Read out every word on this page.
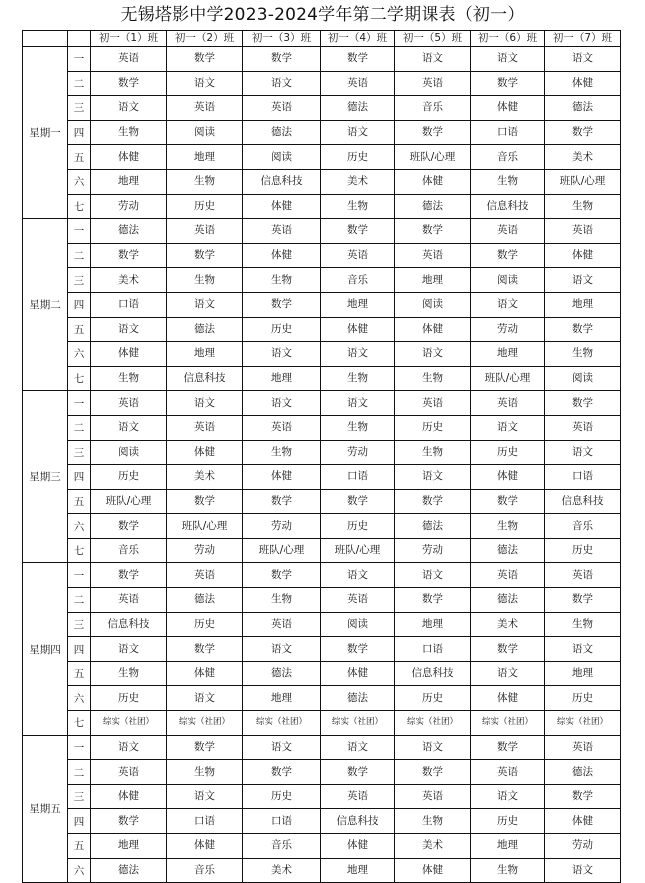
无锡塔影中学2023-2024学年第二学期课表（初一）
		初一（1）班	初一（2）班	初一（3）班	初一（4）班	初一（5）班	初一（6）班	初一（7）班
星期一	一	英语	数学	数学	数学	语文	语文	语文
	二	数学	语文	语文	英语	英语	数学	体健
	三	语文	英语	英语	德法	音乐	体健	德法
	四	生物	阅读	德法	语文	数学	口语	数学
	五	体健	地理	阅读	历史	班队/心理	音乐	美术
	六	地理	生物	信息科技	美术	体健	生物	班队/心理
	七	劳动	历史	体健	生物	德法	信息科技	生物
星期二	一	德法	英语	英语	数学	数学	英语	英语
	二	数学	数学	体健	英语	英语	数学	体健
	三	美术	生物	生物	音乐	地理	阅读	语文
	四	口语	语文	数学	地理	阅读	语文	地理
	五	语文	德法	历史	体健	体健	劳动	数学
	六	体健	地理	语文	语文	语文	地理	生物
	七	生物	信息科技	地理	生物	生物	班队/心理	阅读
星期三	一	英语	语文	语文	语文	英语	英语	数学
	二	语文	英语	英语	生物	历史	语文	英语
	三	阅读	体健	生物	劳动	生物	历史	语文
	四	历史	美术	体健	口语	语文	体健	口语
	五	班队/心理	数学	数学	数学	数学	数学	信息科技
	六	数学	班队/心理	劳动	历史	德法	生物	音乐
	七	音乐	劳动	班队/心理	班队/心理	劳动	德法	历史
星期四	一	数学	英语	数学	语文	语文	英语	英语
	二	英语	德法	生物	英语	数学	德法	数学
	三	信息科技	历史	英语	阅读	地理	美术	生物
	四	语文	数学	语文	数学	口语	数学	语文
	五	生物	体健	德法	体健	信息科技	语文	地理
	六	历史	语文	地理	德法	历史	体健	历史
	七	综实（社团）	综实（社团）	综实（社团）	综实（社团）	综实（社团）	综实（社团）	综实（社团）
星期五	一	语文	数学	语文	语文	语文	数学	英语
	二	英语	生物	数学	数学	数学	英语	德法
	三	体健	语文	历史	英语	英语	语文	数学
	四	数学	口语	口语	信息科技	生物	历史	体健
	五	地理	体健	音乐	体健	美术	地理	劳动
	六	德法	音乐	美术	地理	体健	生物	语文
